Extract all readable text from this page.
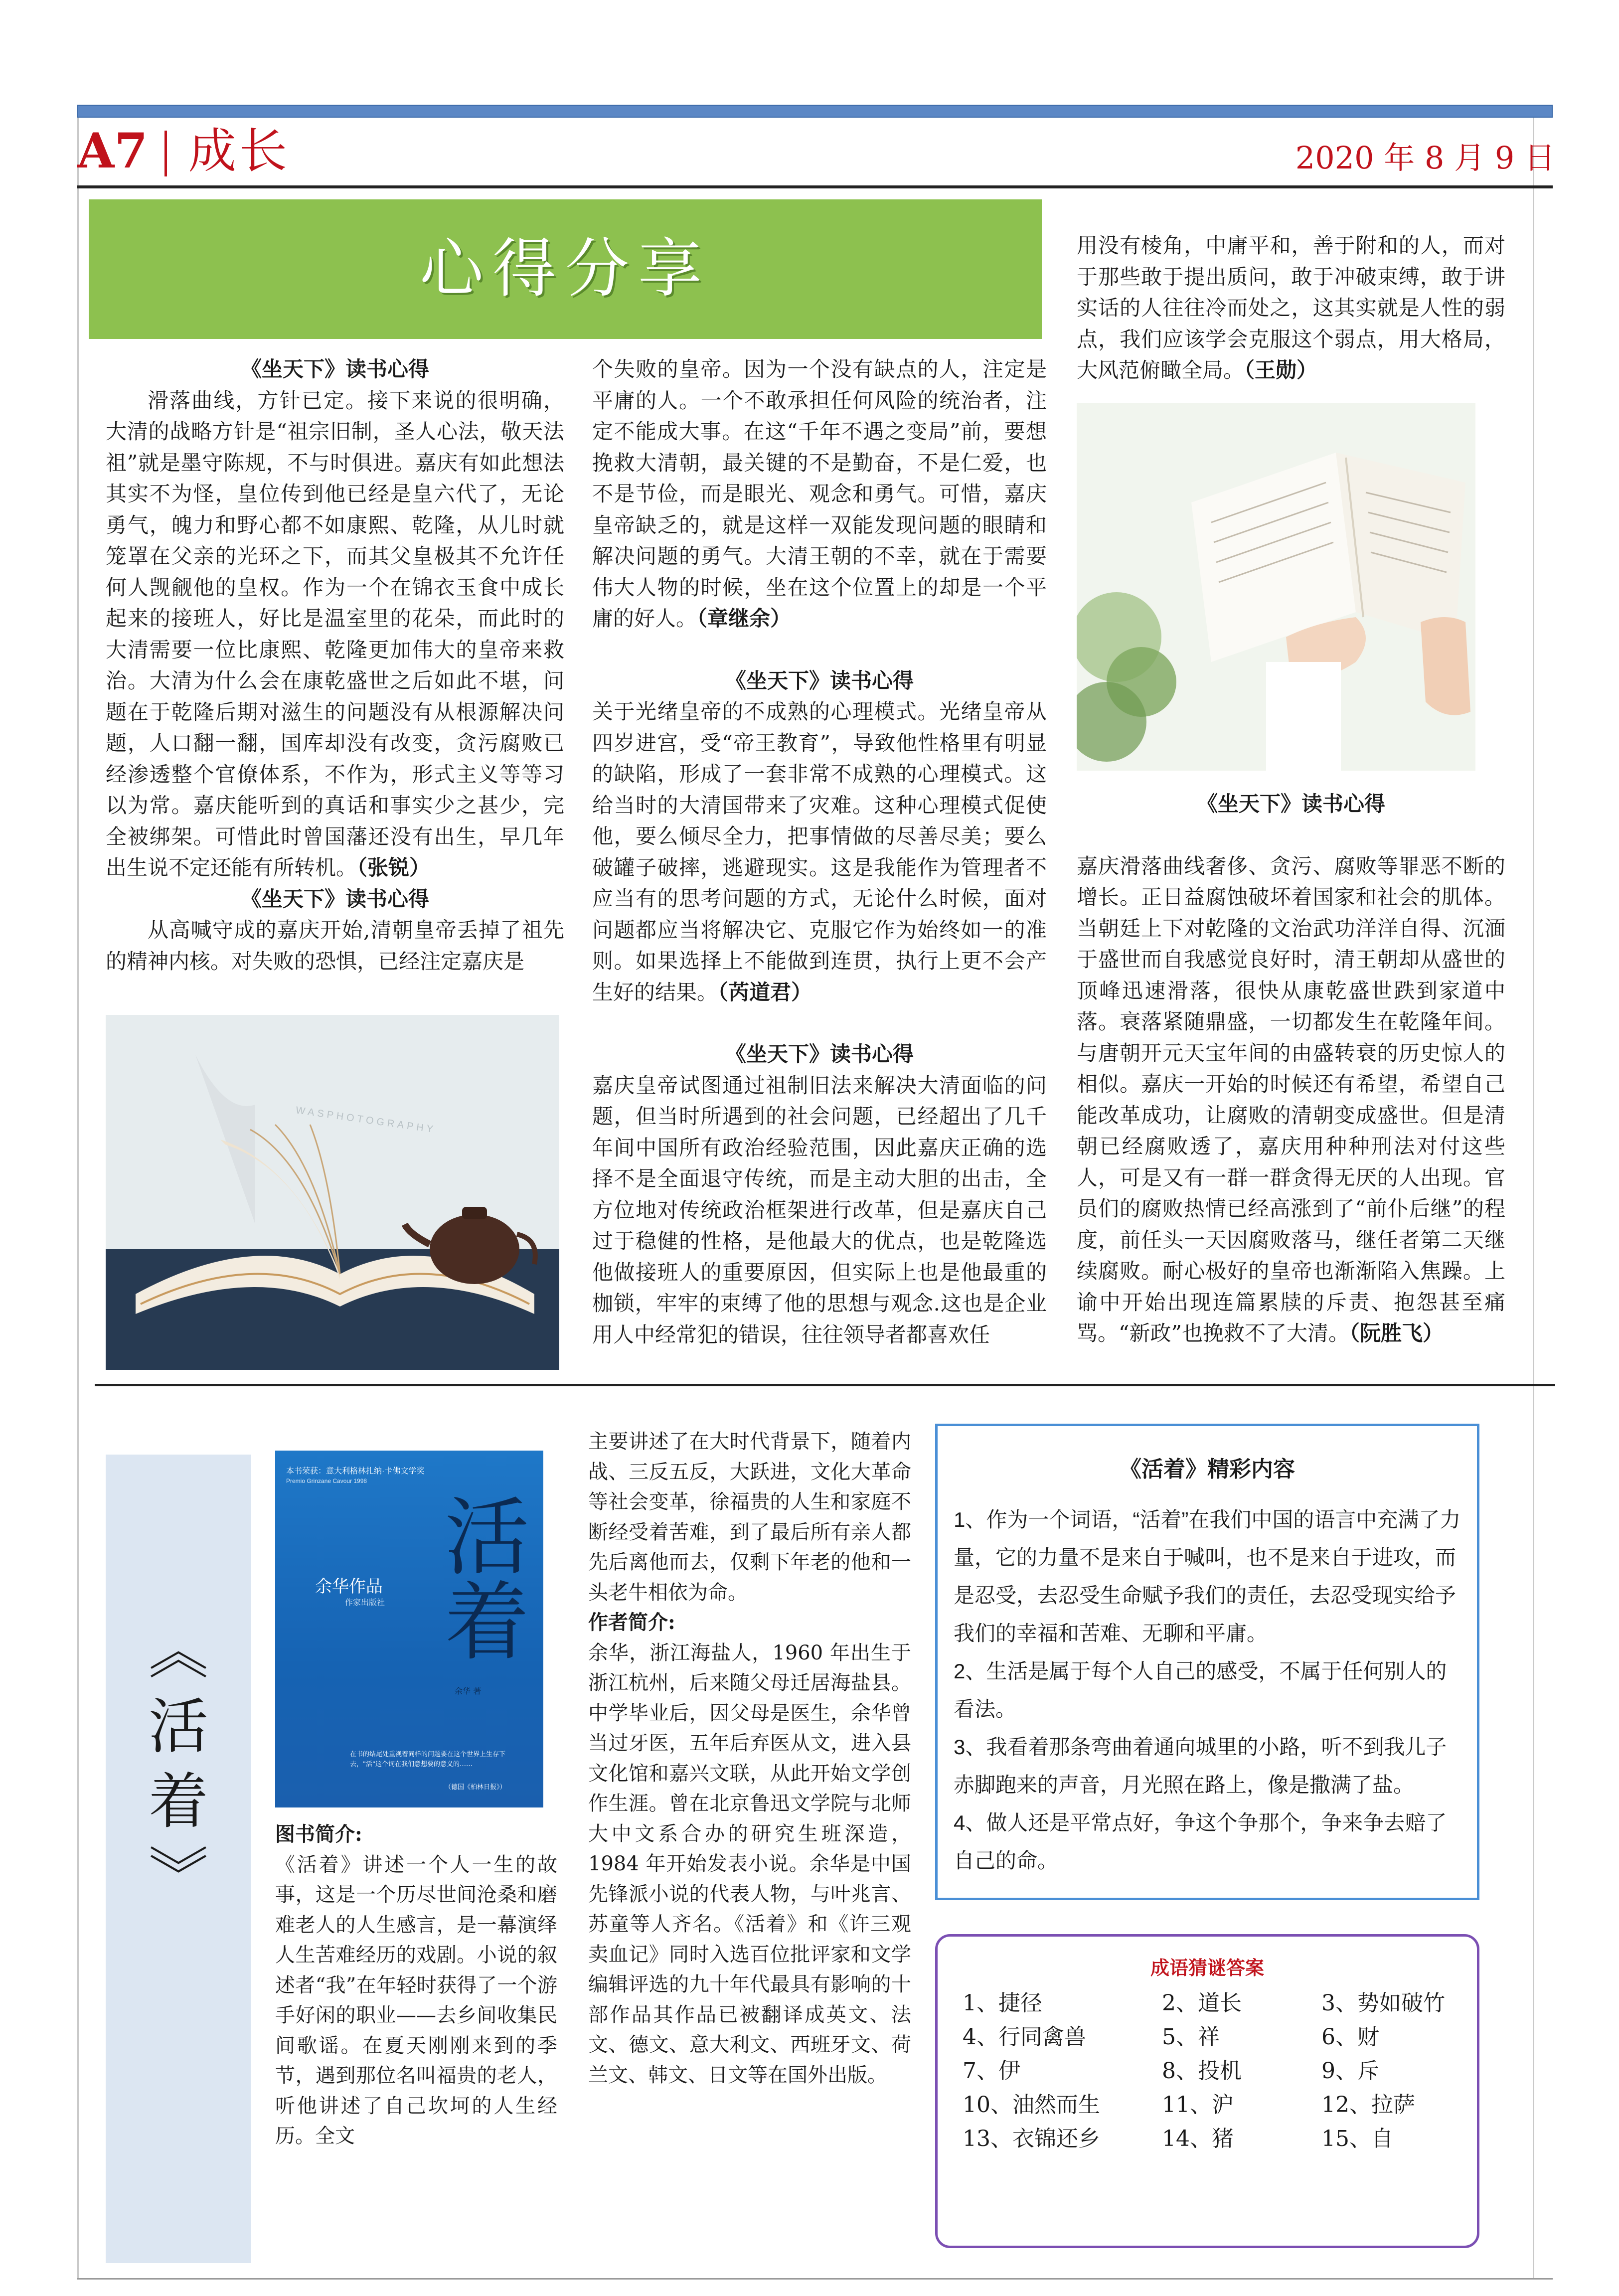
A7 成长	2020 年 8 月 9 日
心得分享

《坐天下》读书心得

滑落曲线，方针已定。接下来说的很明确，大清的战略方针是“祖宗旧制，圣人心法，敬天法祖”就是墨守陈规，不与时俱进。嘉庆有如此想法其实不为怪，皇位传到他已经是皇六代了，无论勇气，魄力和野心都不如康熙、乾隆，从儿时就笼罩在父亲的光环之下，而其父皇极其不允许任何人觊觎他的皇权。作为一个在锦衣玉食中成长起来的接班人，好比是温室里的花朵，而此时的大清需要一位比康熙、乾隆更加伟大的皇帝来救治。大清为什么会在康乾盛世之后如此不堪，问题在于乾隆后期对滋生的问题没有从根源解决问题，人口翻一翻，国库却没有改变，贪污腐败已经渗透整个官僚体系，不作为，形式主义等等习以为常。嘉庆能听到的真话和事实少之甚少，完全被绑架。可惜此时曾国藩还没有出生，早几年出生说不定还能有所转机。（张锐）

《坐天下》读书心得

从高喊守成的嘉庆开始,清朝皇帝丢掉了祖先的精神内核。对失败的恐惧，已经注定嘉庆是

WASPHOTOGRAPHY

个失败的皇帝。因为一个没有缺点的人，注定是平庸的人。一个不敢承担任何风险的统治者，注定不能成大事。在这“千年不遇之变局”前，要想挽救大清朝，最关键的不是勤奋，不是仁爱，也不是节俭，而是眼光、观念和勇气。可惜，嘉庆皇帝缺乏的，就是这样一双能发现问题的眼睛和解决问题的勇气。大清王朝的不幸，就在于需要伟大人物的时候，坐在这个位置上的却是一个平庸的好人。（章继余）

《坐天下》读书心得

关于光绪皇帝的不成熟的心理模式。光绪皇帝从四岁进宫，受“帝王教育”，导致他性格里有明显的缺陷，形成了一套非常不成熟的心理模式。这给当时的大清国带来了灾难。这种心理模式促使他，要么倾尽全力，把事情做的尽善尽美；要么破罐子破摔，逃避现实。这是我能作为管理者不应当有的思考问题的方式，无论什么时候，面对问题都应当将解决它、克服它作为始终如一的准则。如果选择上不能做到连贯，执行上更不会产生好的结果。（芮道君）

《坐天下》读书心得

嘉庆皇帝试图通过祖制旧法来解决大清面临的问题，但当时所遇到的社会问题，已经超出了几千年间中国所有政治经验范围，因此嘉庆正确的选择不是全面退守传统，而是主动大胆的出击，全方位地对传统政治框架进行改革，但是嘉庆自己过于稳健的性格，是他最大的优点，也是乾隆选他做接班人的重要原因，但实际上也是他最重的枷锁，牢牢的束缚了他的思想与观念.这也是企业用人中经常犯的错误，往往领导者都喜欢任

用没有棱角，中庸平和，善于附和的人，而对于那些敢于提出质问，敢于冲破束缚，敢于讲实话的人往往冷而处之，这其实就是人性的弱点，我们应该学会克服这个弱点，用大格局，大风范俯瞰全局。（王勋）

《坐天下》读书心得

嘉庆滑落曲线奢侈、贪污、腐败等罪恶不断的增长。正日益腐蚀破坏着国家和社会的肌体。当朝廷上下对乾隆的文治武功洋洋自得、沉湎于盛世而自我感觉良好时，清王朝却从盛世的顶峰迅速滑落，很快从康乾盛世跌到家道中落。衰落紧随鼎盛，一切都发生在乾隆年间。与唐朝开元天宝年间的由盛转衰的历史惊人的相似。嘉庆一开始的时候还有希望，希望自己能改革成功，让腐败的清朝变成盛世。但是清朝已经腐败透了，嘉庆用种种刑法对付这些人，可是又有一群一群贪得无厌的人出现。官员们的腐败热情已经高涨到了“前仆后继”的程度，前任头一天因腐败落马，继任者第二天继续腐败。耐心极好的皇帝也渐渐陷入焦躁。上谕中开始出现连篇累牍的斥责、抱怨甚至痛骂。“新政”也挽救不了大清。（阮胜飞）

︽
活
着
︾
本书荣获：意大利格林扎纳·卡佛文学奖
Premio Grinzane Cavour 1998
余华作品
作家出版社
活
着
余华 著
在书的结尾处重视着同样的问题要在这个世界上生存下去，"活"这个词在我们意想要的意义的……
（德国《柏林日报》）

图书简介:

《活着》讲述一个人一生的故事，这是一个历尽世间沧桑和磨难老人的人生感言，是一幕演绎人生苦难经历的戏剧。小说的叙述者“我”在年轻时获得了一个游手好闲的职业——去乡间收集民间歌谣。在夏天刚刚来到的季节，遇到那位名叫福贵的老人，听他讲述了自己坎坷的人生经历。全文

主要讲述了在大时代背景下，随着内战、三反五反，大跃进，文化大革命等社会变革，徐福贵的人生和家庭不断经受着苦难，到了最后所有亲人都先后离他而去，仅剩下年老的他和一头老牛相依为命。

作者简介:

余华，浙江海盐人，1960 年出生于浙江杭州，后来随父母迁居海盐县。中学毕业后，因父母是医生，余华曾当过牙医，五年后弃医从文，进入县文化馆和嘉兴文联，从此开始文学创作生涯。曾在北京鲁迅文学院与北师大中文系合办的研究生班深造，1984 年开始发表小说。余华是中国先锋派小说的代表人物，与叶兆言、苏童等人齐名。《活着》和《许三观卖血记》同时入选百位批评家和文学编辑评选的九十年代最具有影响的十部作品其作品已被翻译成英文、法文、德文、意大利文、西班牙文、荷兰文、韩文、日文等在国外出版。

《活着》精彩内容

1、作为一个词语，“活着”在我们中国的语言中充满了力量，它的力量不是来自于喊叫，也不是来自于进攻，而是忍受，去忍受生命赋予我们的责任，去忍受现实给予我们的幸福和苦难、无聊和平庸。

2、生活是属于每个人自己的感受，不属于任何别人的看法。

3、我看着那条弯曲着通向城里的小路，听不到我儿子赤脚跑来的声音，月光照在路上，像是撒满了盐。

4、做人还是平常点好，争这个争那个，争来争去赔了自己的命。

成语猜谜答案
1、捷径	2、道长	3、势如破竹
4、行同禽兽	5、祥	6、财
7、伊	8、投机	9、斥
10、油然而生	11、沪	12、拉萨
13、衣锦还乡	14、猪	15、自
